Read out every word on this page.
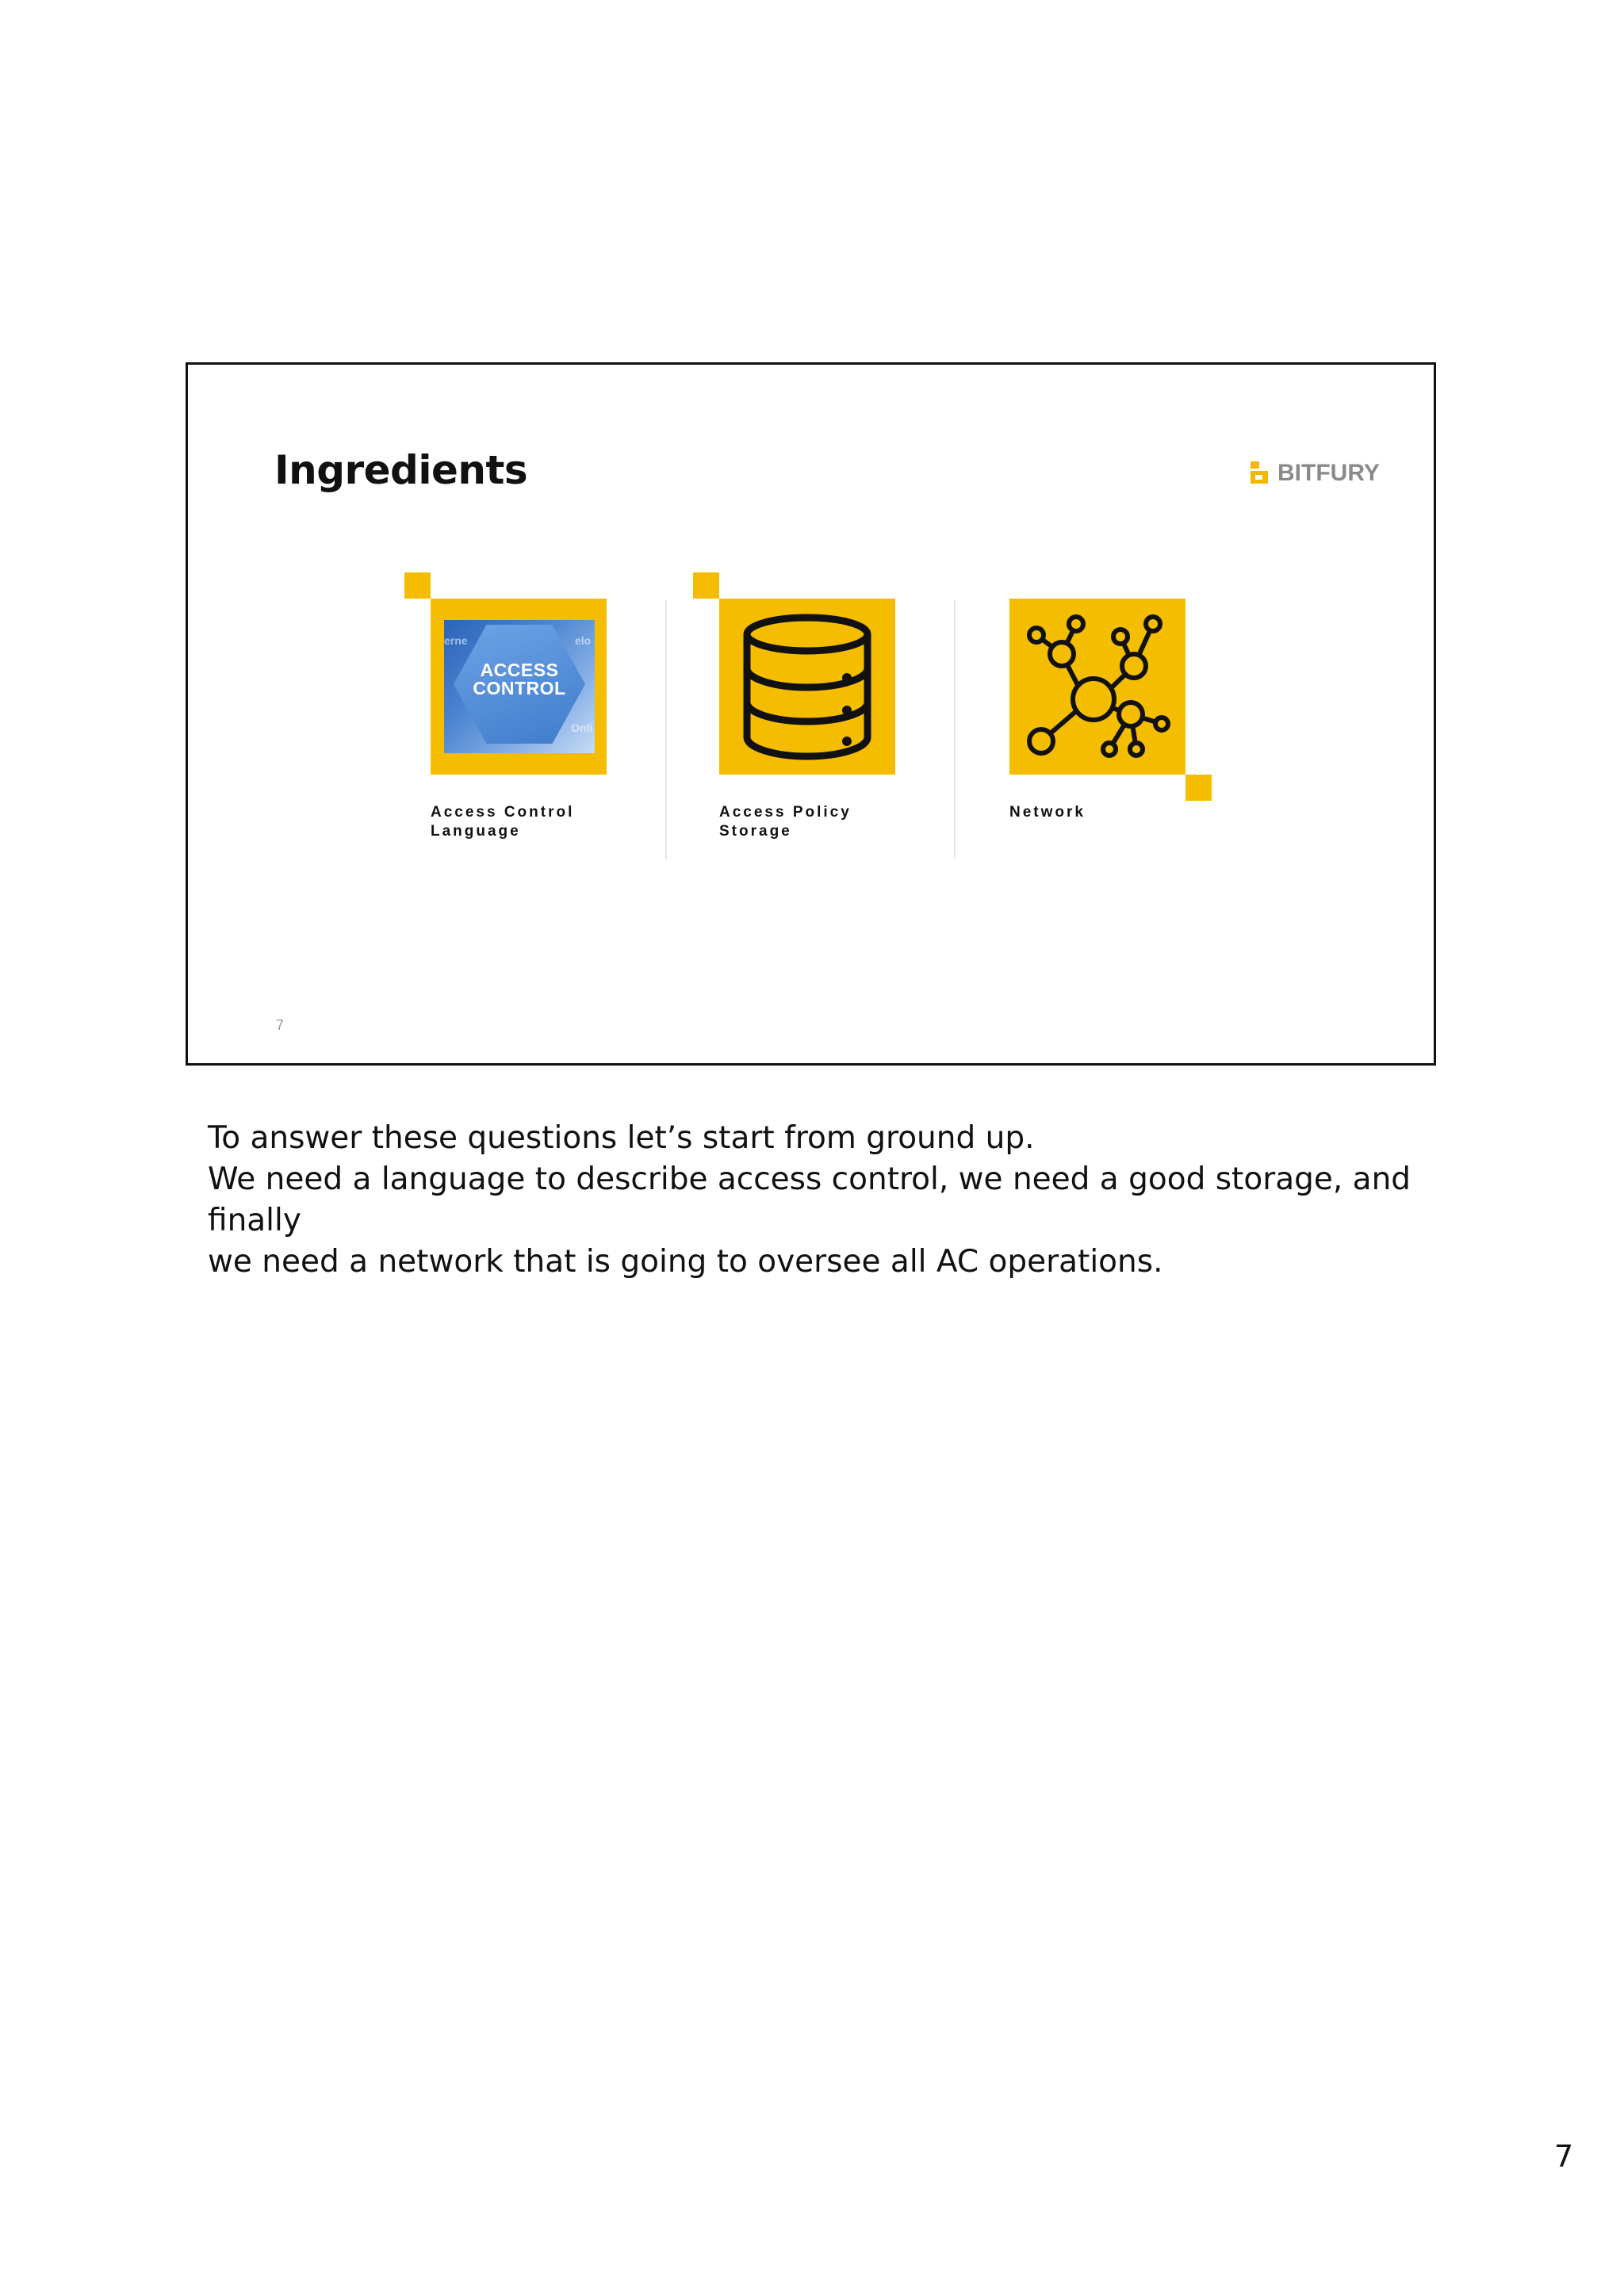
Ingredients	BITFURY
erne	elo
Onli
ACCESS
CONTROL
Access Control
Language
Access Policy
Storage
Network
7

To answer these questions let’s start from ground up.

We need a language to describe access control, we need a good storage, and finally

we need a network that is going to oversee all AC operations.

7
